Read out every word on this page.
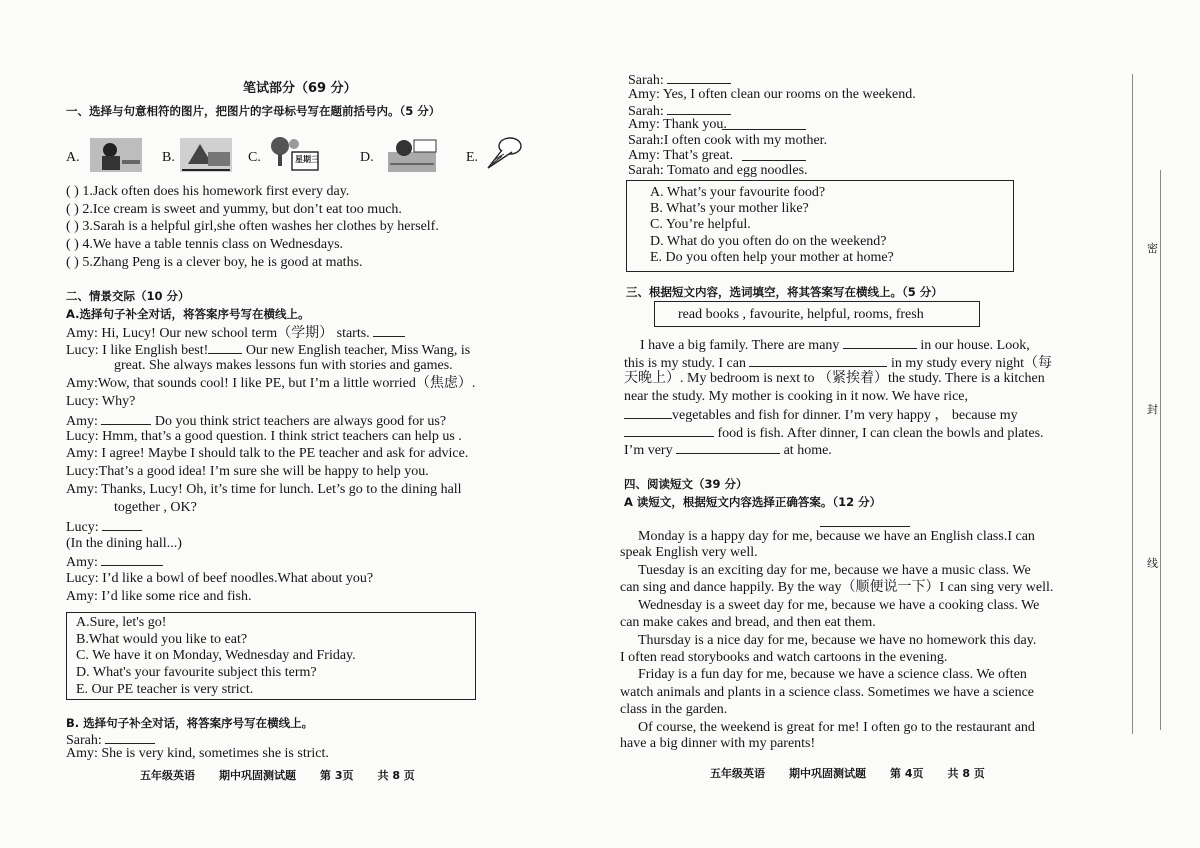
笔试部分（69 分）
一、选择与句意相符的图片，把图片的字母标号写在题前括号内。（5 分）
A.	B.	C.	星期三	D.	E.
( ) 1.Jack often does his homework first every day.
( ) 2.Ice cream is sweet and yummy, but don’t eat too much.
( ) 3.Sarah is a helpful girl,she often washes her clothes by herself.
( ) 4.We have a table tennis class on Wednesdays.
( ) 5.Zhang Peng is a clever boy, he is good at maths.
二、情景交际（10 分）
A.选择句子补全对话，将答案序号写在横线上。
Amy: Hi, Lucy! Our new school term（学期） starts.
Lucy: I like English best!	Our new English teacher, Miss Wang, is
great. She always makes lessons fun with stories and games.
Amy:Wow, that sounds cool! I like PE, but I’m a little worried（焦虑）.
Lucy: Why?
Amy:	Do you think strict teachers are always good for us?
Lucy: Hmm, that’s a good question. I think strict teachers can help us .
Amy: I agree! Maybe I should talk to the PE teacher and ask for advice.
Lucy:That’s a good idea! I’m sure she will be happy to help you.
Amy: Thanks, Lucy! Oh, it’s time for lunch. Let’s go to the dining hall
together , OK?
Lucy:
(In the dining hall...)
Amy:
Lucy: I’d like a bowl of beef noodles.What about you?
Amy: I’d like some rice and fish.
A.Sure, let's go!
B.What would you like to eat?
C. We have it on Monday, Wednesday and Friday.
D. What's your favourite subject this term?
E. Our PE teacher is very strict.
B. 选择句子补全对话，将答案序号写在横线上。
Sarah:
Amy: She is very kind, sometimes she is strict.
五年级英语 期中巩固测试题 第 3页 共 8 页
Sarah:
Amy: Yes, I often clean our rooms on the weekend.
Sarah:
Amy: Thank you.
Sarah:I often cook with my mother.
Amy: That’s great.
Sarah: Tomato and egg noodles.
A. What’s your favourite food?
B. What’s your mother like?
C. You’re helpful.
D. What do you often do on the weekend?
E. Do you often help your mother at home?
三、根据短文内容，选词填空，将其答案写在横线上。（5 分）
read books , favourite, helpful, rooms, fresh
I have a big family. There are many	in our house. Look,
this is my study. I can	in my study every night（每
天晚上）. My bedroom is next to （紧挨着）the study. There is a kitchen
near the study. My mother is cooking in it now. We have rice,
vegetables and fish for dinner. I’m very happy ， because my
food is fish. After dinner, I can clean the bowls and plates.
I’m very	at home.
四、阅读短文（39 分）
A 读短文，根据短文内容选择正确答案。（12 分）
Monday is a happy day for me, because we have an English class.I can
speak English very well.
Tuesday is an exciting day for me, because we have a music class. We
can sing and dance happily. By the way（顺便说一下）I can sing very well.
Wednesday is a sweet day for me, because we have a cooking class. We
can make cakes and bread, and then eat them.
Thursday is a nice day for me, because we have no homework this day.
I often read storybooks and watch cartoons in the evening.
Friday is a fun day for me, because we have a science class. We often
watch animals and plants in a science class. Sometimes we have a science
class in the garden.
Of course, the weekend is great for me! I often go to the restaurant and
have a big dinner with my parents!
五年级英语 期中巩固测试题 第 4页 共 8 页
密
封
线
